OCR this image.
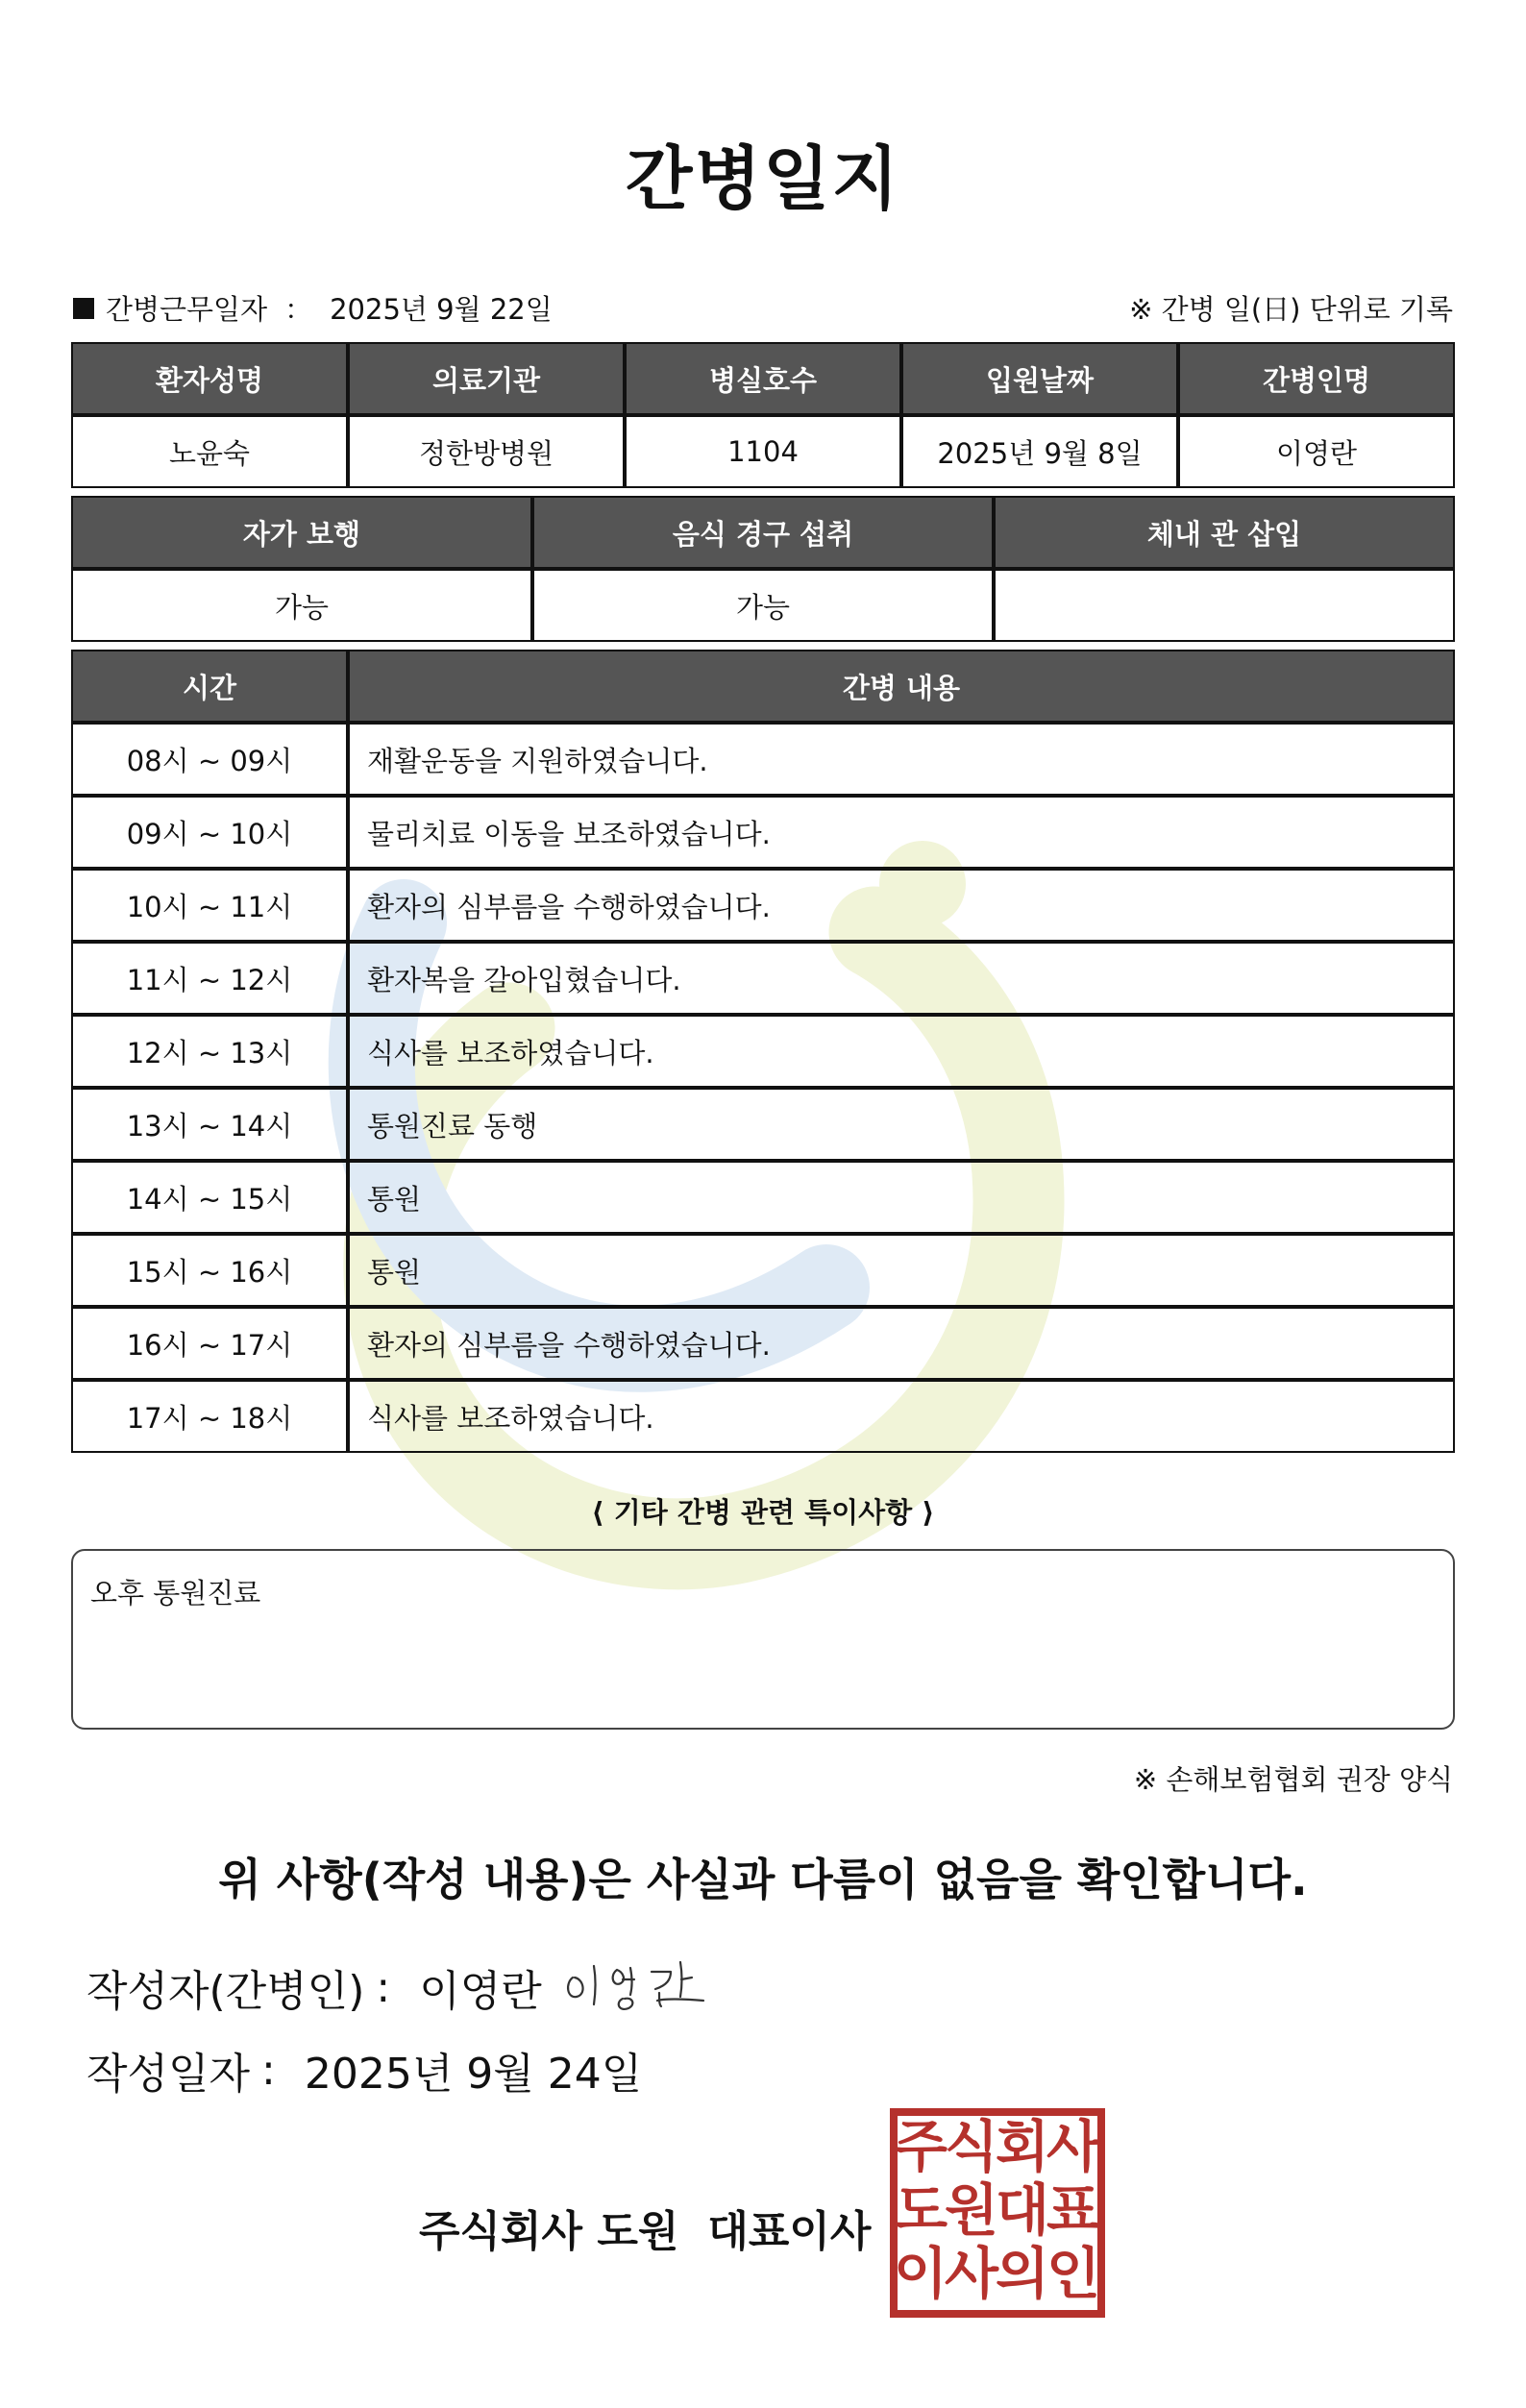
간병일지
간병근무일자 ： 2025년 9월 22일	※ 간병 일(日) 단위로 기록
환자성명	의료기관	병실호수	입원날짜	간병인명
노윤숙	정한방병원	1104	2025년 9월 8일	이영란
자가 보행	음식 경구 섭취	체내 관 삽입
가능	가능	
시간	간병 내용
08시 ~ 09시	재활운동을 지원하였습니다.
09시 ~ 10시	물리치료 이동을 보조하였습니다.
10시 ~ 11시	환자의 심부름을 수행하였습니다.
11시 ~ 12시	환자복을 갈아입혔습니다.
12시 ~ 13시	식사를 보조하였습니다.
13시 ~ 14시	통원진료 동행
14시 ~ 15시	통원
15시 ~ 16시	통원
16시 ~ 17시	환자의 심부름을 수행하였습니다.
17시 ~ 18시	식사를 보조하였습니다.
⟨ 기타 간병 관련 특이사항 ⟩
오후 통원진료
※ 손해보험협회 권장 양식
위 사항(작성 내용)은 사실과 다름이 없음을 확인합니다.
작성자(간병인) : 이영란
작성일자 : 2025년 9월 24일
주식회사 도원 대표이사
주
식
회
사
도
원
대
표
이
사
의
인
